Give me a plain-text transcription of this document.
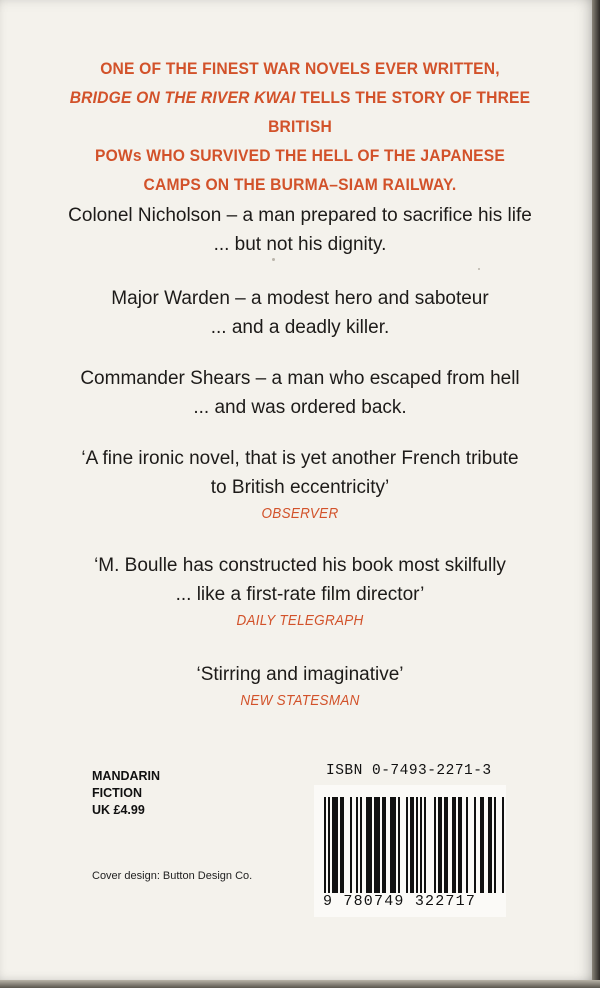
ONE OF THE FINEST WAR NOVELS EVER WRITTEN,
BRIDGE ON THE RIVER KWAI TELLS THE STORY OF THREE BRITISH
POWs WHO SURVIVED THE HELL OF THE JAPANESE
CAMPS ON THE BURMA–SIAM RAILWAY.
Colonel Nicholson – a man prepared to sacrifice his life
... but not his dignity.
Major Warden – a modest hero and saboteur
... and a deadly killer.
Commander Shears – a man who escaped from hell
... and was ordered back.
‘A fine ironic novel, that is yet another French tribute
to British eccentricity’
OBSERVER
‘M. Boulle has constructed his book most skilfully
... like a first-rate film director’
DAILY TELEGRAPH
‘Stirring and imaginative’
NEW STATESMAN
MANDARIN
FICTION
UK £4.99
Cover design: Button Design Co.
ISBN 0-7493-2271-3
9 780749 322717
